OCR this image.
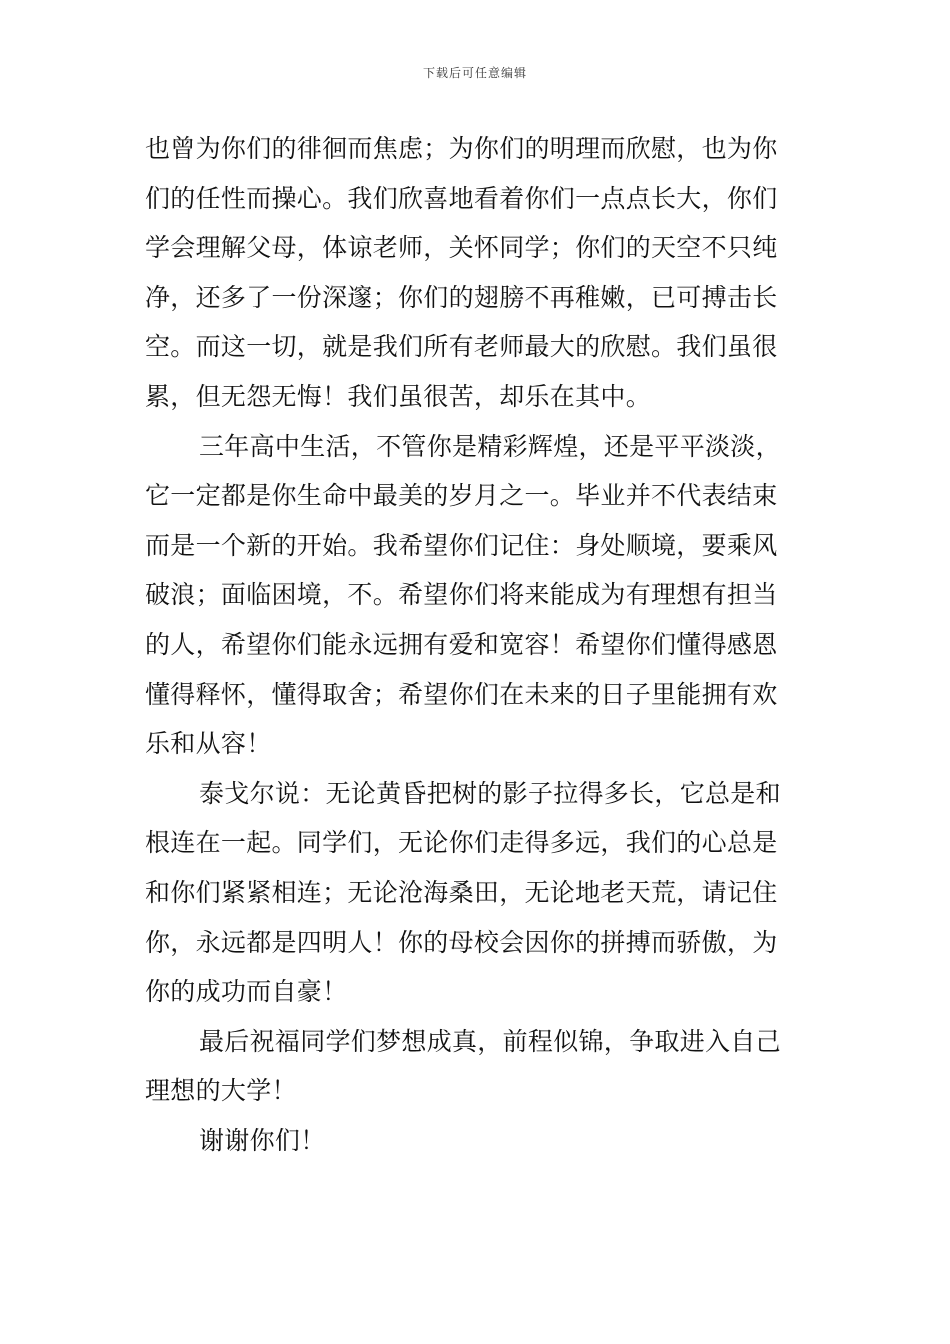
下载后可任意编辑
也曾为你们的徘徊而焦虑；为你们的明理而欣慰，也为你
们的任性而操心。我们欣喜地看着你们一点点长大，你们
学会理解父母，体谅老师，关怀同学；你们的天空不只纯
净，还多了一份深邃；你们的翅膀不再稚嫩，已可搏击长
空。而这一切，就是我们所有老师最大的欣慰。我们虽很
累，但无怨无悔！我们虽很苦，却乐在其中。
三年高中生活，不管你是精彩辉煌，还是平平淡淡，
它一定都是你生命中最美的岁月之一。毕业并不代表结束
而是一个新的开始。我希望你们记住：身处顺境，要乘风
破浪；面临困境，不。希望你们将来能成为有理想有担当
的人，希望你们能永远拥有爱和宽容！希望你们懂得感恩
懂得释怀，懂得取舍；希望你们在未来的日子里能拥有欢
乐和从容！
泰戈尔说：无论黄昏把树的影子拉得多长，它总是和
根连在一起。同学们，无论你们走得多远，我们的心总是
和你们紧紧相连；无论沧海桑田，无论地老天荒，请记住
你，永远都是四明人！你的母校会因你的拼搏而骄傲，为
你的成功而自豪！
最后祝福同学们梦想成真，前程似锦，争取进入自己
理想的大学！
谢谢你们！
